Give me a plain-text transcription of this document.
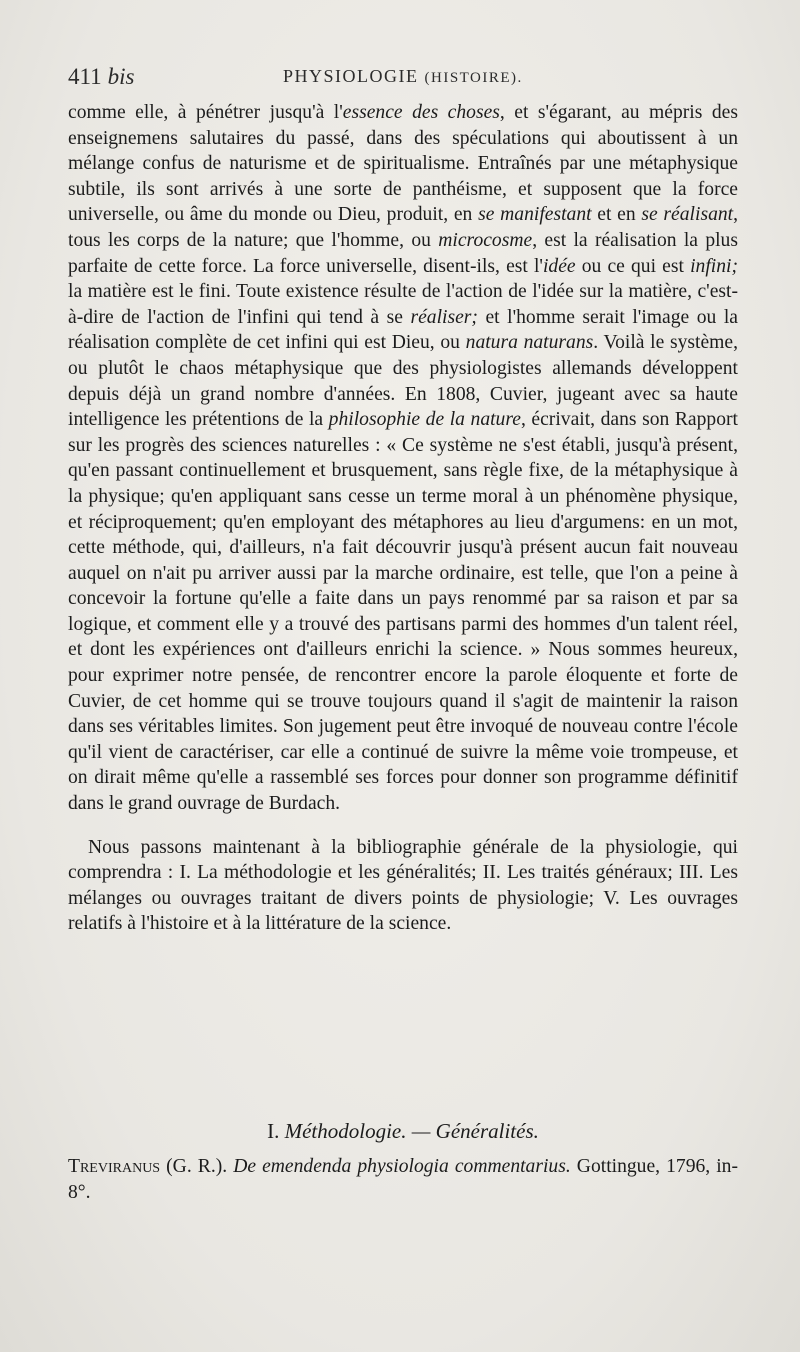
411 bis	PHYSIOLOGIE (HISTOIRE).

comme elle, à pénétrer jusqu'à l'essence des choses, et s'égarant, au mépris des enseignemens salutaires du passé, dans des spéculations qui aboutissent à un mélange confus de naturisme et de spiritualisme. Entraînés par une métaphysique subtile, ils sont arrivés à une sorte de panthéisme, et supposent que la force universelle, ou âme du monde ou Dieu, produit, en se manifestant et en se réalisant, tous les corps de la nature; que l'homme, ou microcosme, est la réalisation la plus parfaite de cette force. La force universelle, disent-ils, est l'idée ou ce qui est infini; la matière est le fini. Toute existence résulte de l'action de l'idée sur la matière, c'est-à-dire de l'action de l'infini qui tend à se réaliser; et l'homme serait l'image ou la réalisation complète de cet infini qui est Dieu, ou natura naturans. Voilà le système, ou plutôt le chaos métaphysique que des physiologistes allemands développent depuis déjà un grand nombre d'années. En 1808, Cuvier, jugeant avec sa haute intelligence les prétentions de la philosophie de la nature, écrivait, dans son Rapport sur les progrès des sciences naturelles : « Ce système ne s'est établi, jusqu'à présent, qu'en passant continuellement et brusquement, sans règle fixe, de la métaphysique à la physique; qu'en appliquant sans cesse un terme moral à un phénomène physique, et réciproquement; qu'en employant des métaphores au lieu d'argumens: en un mot, cette méthode, qui, d'ailleurs, n'a fait découvrir jusqu'à présent aucun fait nouveau auquel on n'ait pu arriver aussi par la marche ordinaire, est telle, que l'on a peine à concevoir la fortune qu'elle a faite dans un pays renommé par sa raison et par sa logique, et comment elle y a trouvé des partisans parmi des hommes d'un talent réel, et dont les expériences ont d'ailleurs enrichi la science. » Nous sommes heureux, pour exprimer notre pensée, de rencontrer encore la parole éloquente et forte de Cuvier, de cet homme qui se trouve toujours quand il s'agit de maintenir la raison dans ses véritables limites. Son jugement peut être invoqué de nouveau contre l'école qu'il vient de caractériser, car elle a continué de suivre la même voie trompeuse, et on dirait même qu'elle a rassemblé ses forces pour donner son programme définitif dans le grand ouvrage de Burdach.

Nous passons maintenant à la bibliographie générale de la physiologie, qui comprendra : I. La méthodologie et les généralités; II. Les traités généraux; III. Les mélanges ou ouvrages traitant de divers points de physiologie; V. Les ouvrages relatifs à l'histoire et à la littérature de la science.

I. Méthodologie. — Généralités.
Treviranus (G. R.). De emendenda physiologia commentarius. Gottingue, 1796, in-8°.
